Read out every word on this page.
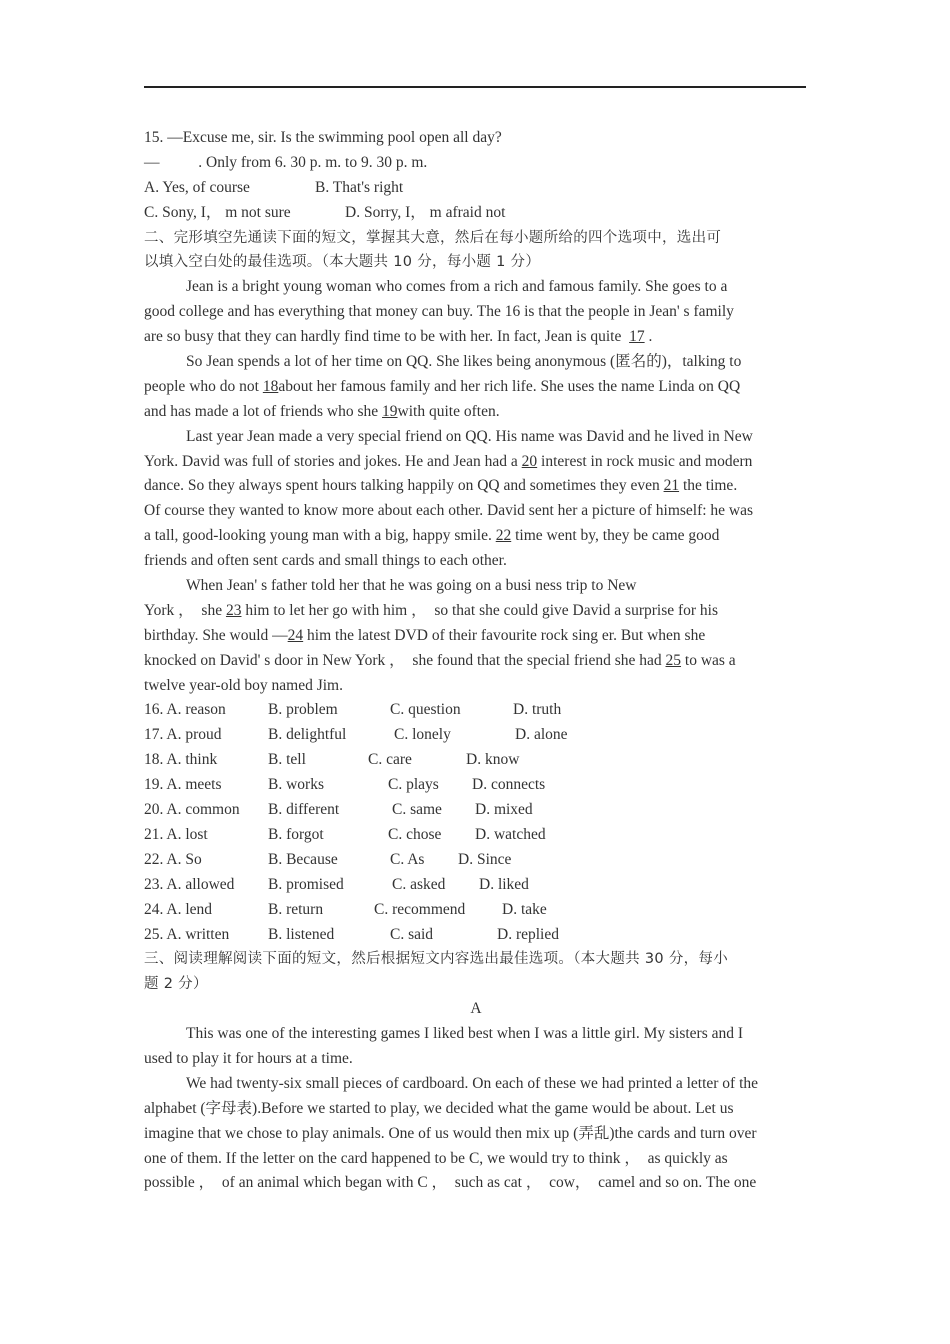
15. ―Excuse me, sir. Is the swimming pool open all day?
―          . Only from 6. 30 p. m. to 9. 30 p. m.
A. Yes, of course	B. That's right
C. Sony, I， m not sure	D. Sorry, I， m afraid not
二、完形填空先通读下面的短文，掌握其大意，然后在每小题所给的四个选项中，选出可
以填入空白处的最佳选项。（本大题共 10 分，每小题 1 分）
Jean is a bright young woman who comes from a rich and famous family. She goes to a
good college and has everything that money can buy. The 16 is that the people in Jean' s family
are so busy that they can hardly find time to be with her. In fact, Jean is quite  17 .
So Jean spends a lot of her time on QQ. She likes being anonymous (匿名的)，talking to
people who do not 18about her famous family and her rich life. She uses the name Linda on QQ
and has made a lot of friends who she 19with quite often.
Last year Jean made a very special friend on QQ. His name was David and he lived in New
York. David was full of stories and jokes. He and Jean had a 20 interest in rock music and modern
dance. So they always spent hours talking happily on QQ and sometimes they even 21 the time.
Of course they wanted to know more about each other. David sent her a picture of himself: he was
a tall, good-looking young man with a big, happy smile. 22 time went by, they be came good
friends and often sent cards and small things to each other.
When Jean' s father told her that he was going on a busi ness trip to New
York ，  she 23 him to let her go with him ，  so that she could give David a surprise for his
birthday. She would ―24 him the latest DVD of their favourite rock sing er. But when she
knocked on David' s door in New York ，  she found that the special friend she had 25 to was a
twelve year-old boy named Jim.
16. A. reason	B. problem	C. question	D. truth
17. A. proud	B. delightful	C. lonely	D. alone
18. A. think	B. tell	C. care	D. know
19. A. meets	B. works	C. plays D. connects
20. A. common B. different	C. same D. mixed
21. A. lost	B. forgot	C. chose D. watched
22. A. So	B. Because	C. As D. Since
23. A. allowed B. promised	C. asked D. liked
24. A. lend	B. return	C. recommend D. take
25. A. written	B. listened	C. said	D. replied
三、阅读理解阅读下面的短文，然后根据短文内容选出最佳选项。（本大题共 30 分，每小
题 2 分）
A
This was one of the interesting games I liked best when I was a little girl. My sisters and I
used to play it for hours at a time.
We had twenty-six small pieces of cardboard. On each of these we had printed a letter of the
alphabet (字母表).Before we started to play, we decided what the game would be about. Let us
imagine that we chose to play animals. One of us would then mix up (弄乱)the cards and turn over
one of them. If the letter on the card happened to be C, we would try to think ，  as quickly as
possible ，  of an animal which began with C ，  such as cat ，  cow，  camel and so on. The one
